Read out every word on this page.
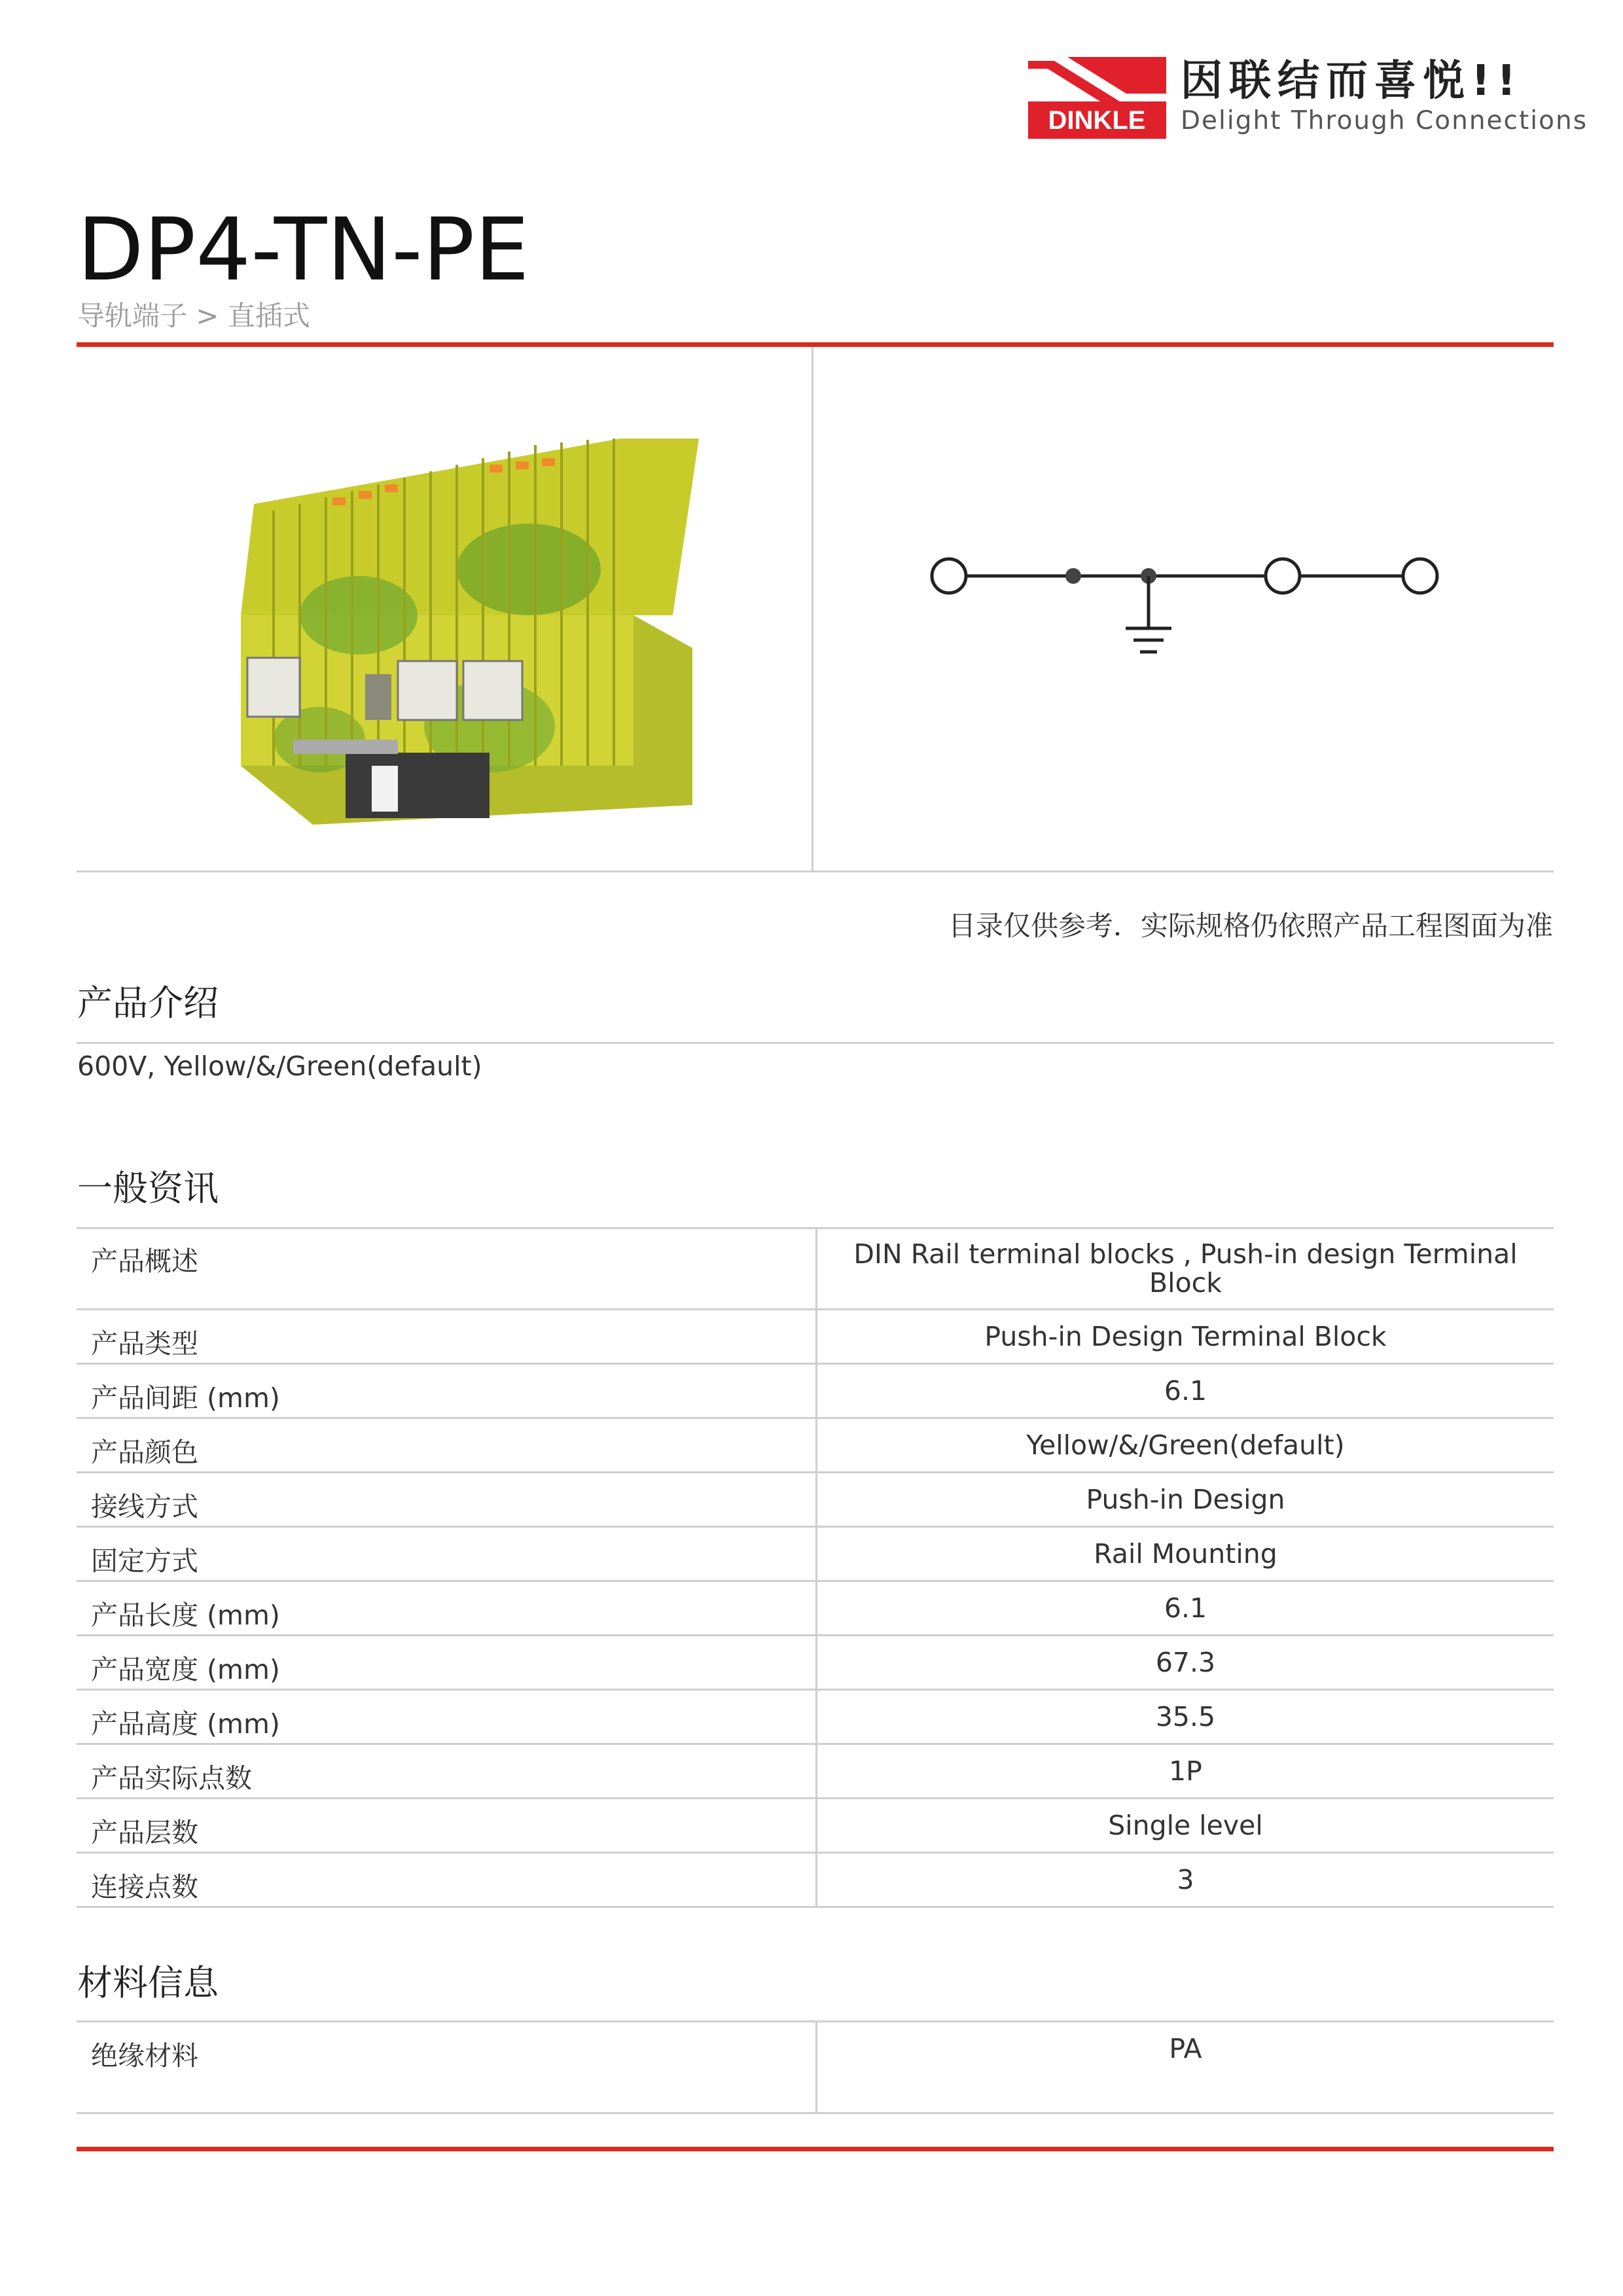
DINKLE
因联结而喜悦!!
Delight Through Connections
DP4-TN-PE
导轨端子 > 直插式
目录仅供参考．实际规格仍依照产品工程图面为准
产品介绍
600V, Yellow/&/Green(default)
一般资讯
产品概述	DIN Rail terminal blocks , Push-in design Terminal Block
产品类型	Push-in Design Terminal Block
产品间距 (mm)	6.1
产品颜色	Yellow/&/Green(default)
接线方式	Push-in Design
固定方式	Rail Mounting
产品长度 (mm)	6.1
产品宽度 (mm)	67.3
产品高度 (mm)	35.5
产品实际点数	1P
产品层数	Single level
连接点数	3
材料信息
绝缘材料	PA
